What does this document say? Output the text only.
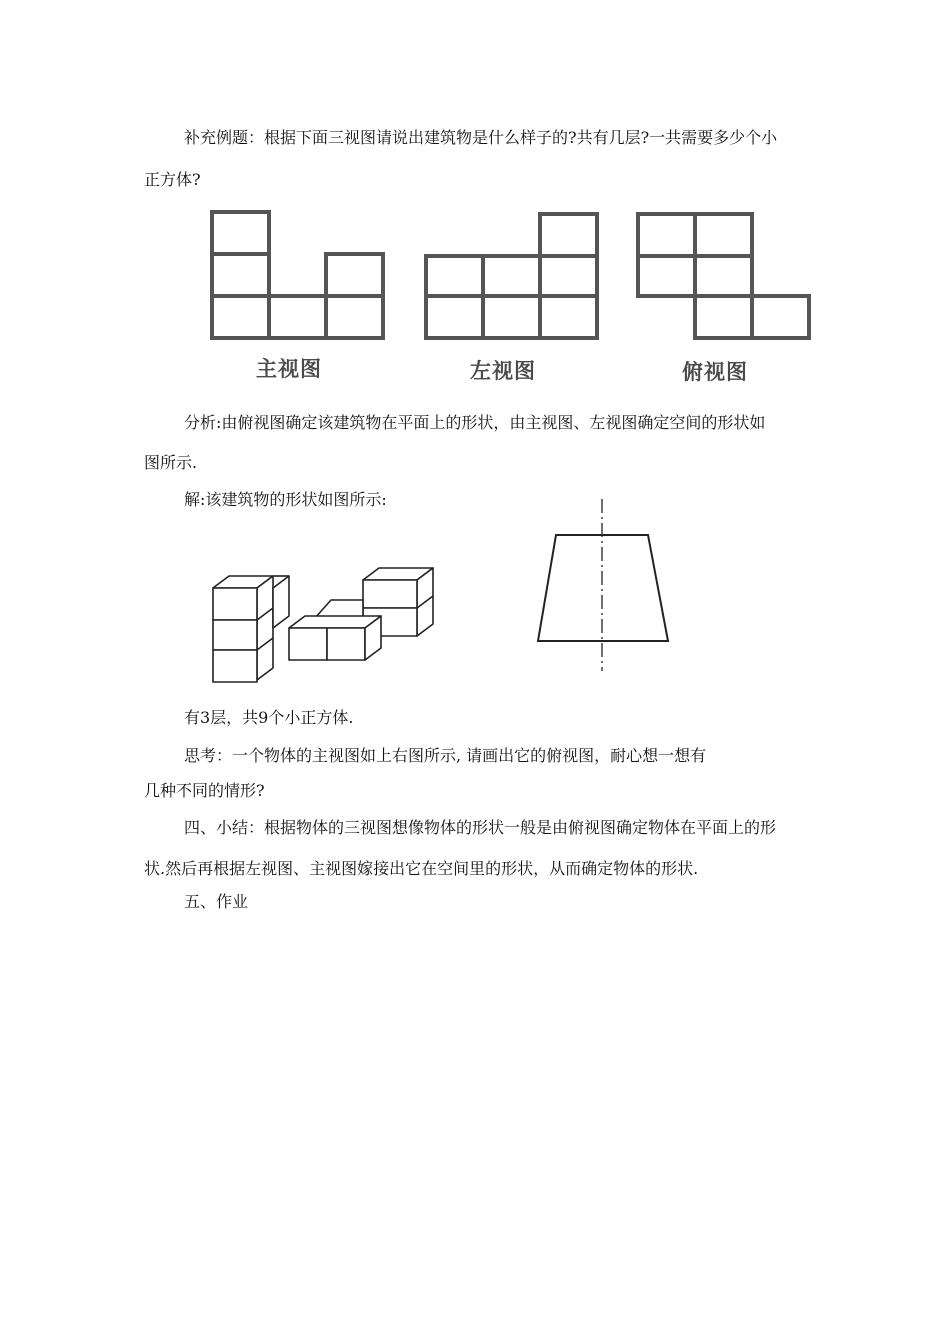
补充例题：根据下面三视图请说出建筑物是什么样子的?共有几层?一共需要多少个小
正方体?
主视图	左视图	俯视图
分析:由俯视图确定该建筑物在平面上的形状，由主视图、左视图确定空间的形状如
图所示.
解:该建筑物的形状如图所示:
有3层，共9个小正方体.
思考：一个物体的主视图如上右图所示, 请画出它的俯视图，耐心想一想有
几种不同的情形?
四、小结：根据物体的三视图想像物体的形状一般是由俯视图确定物体在平面上的形
状.然后再根据左视图、主视图嫁接出它在空间里的形状，从而确定物体的形状.
五、作业
